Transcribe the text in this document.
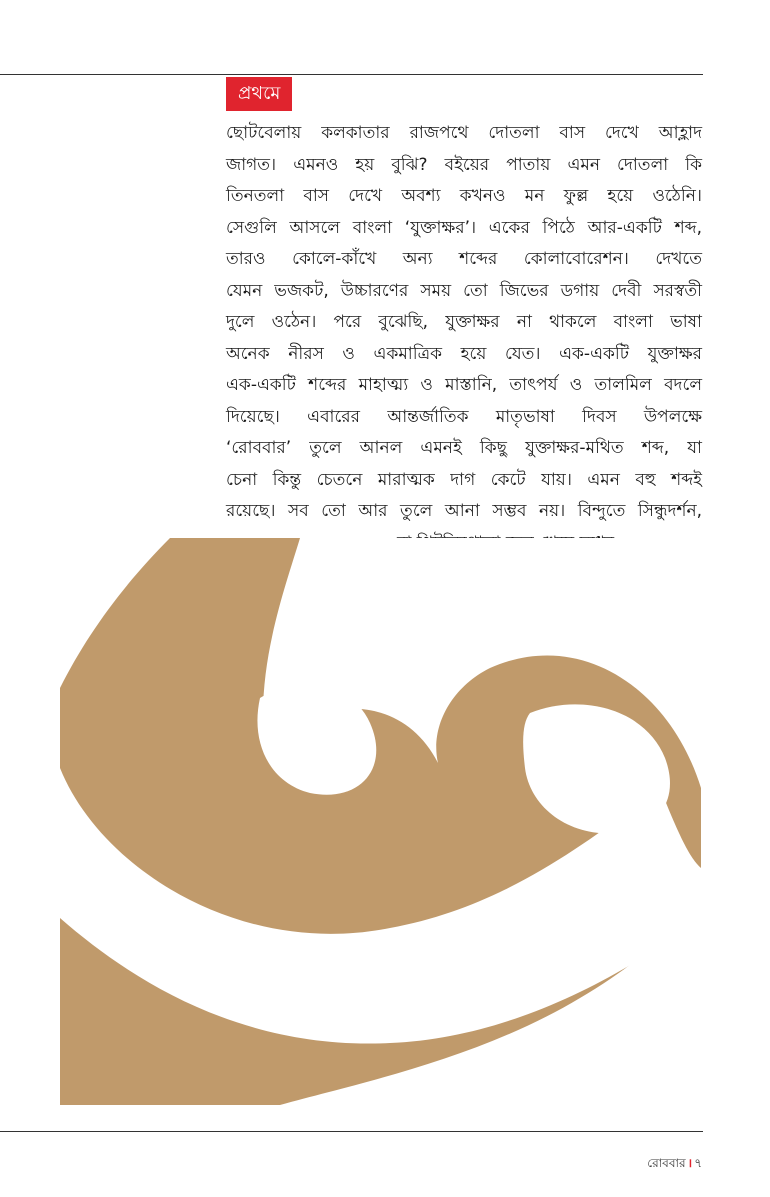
প্রথমে

ছোটবেলায় কলকাতার রাজপথে দোতলা বাস দেখে আহ্লাদ
জাগত। এমনও হয় বুঝি? বইয়ের পাতায় এমন দোতলা কি
তিনতলা বাস দেখে অবশ্য কখনও মন ফুল্ল হয়ে ওঠেনি।
সেগুলি আসলে বাংলা ‘যুক্তাক্ষর’। একের পিঠে আর-একটি শব্দ,
তারও কোলে-কাঁখে অন্য শব্দের কোলাবোরেশন। দেখতে
যেমন ভজকট, উচ্চারণের সময় তো জিভের ডগায় দেবী সরস্বতী
দুলে ওঠেন। পরে বুঝেছি, যুক্তাক্ষর না থাকলে বাংলা ভাষা
অনেক নীরস ও একমাত্রিক হয়ে যেত। এক-একটি যুক্তাক্ষর
এক-একটি শব্দের মাহাত্ম্য ও মাস্তানি, তাৎপর্য ও তালমিল বদলে
দিয়েছে। এবারের আন্তর্জাতিক মাতৃভাষা দিবস উপলক্ষে
‘রোববার’ তুলে আনল এমনই কিছু যুক্তাক্ষর-মথিত শব্দ, যা
চেনা কিন্তু চেতনে মারাত্মক দাগ কেটে যায়। এমন বহু শব্দই
রয়েছে। সব তো আর তুলে আনা সম্ভব নয়। বিন্দুতে সিন্ধুদর্শন,

রোববার । ৭
